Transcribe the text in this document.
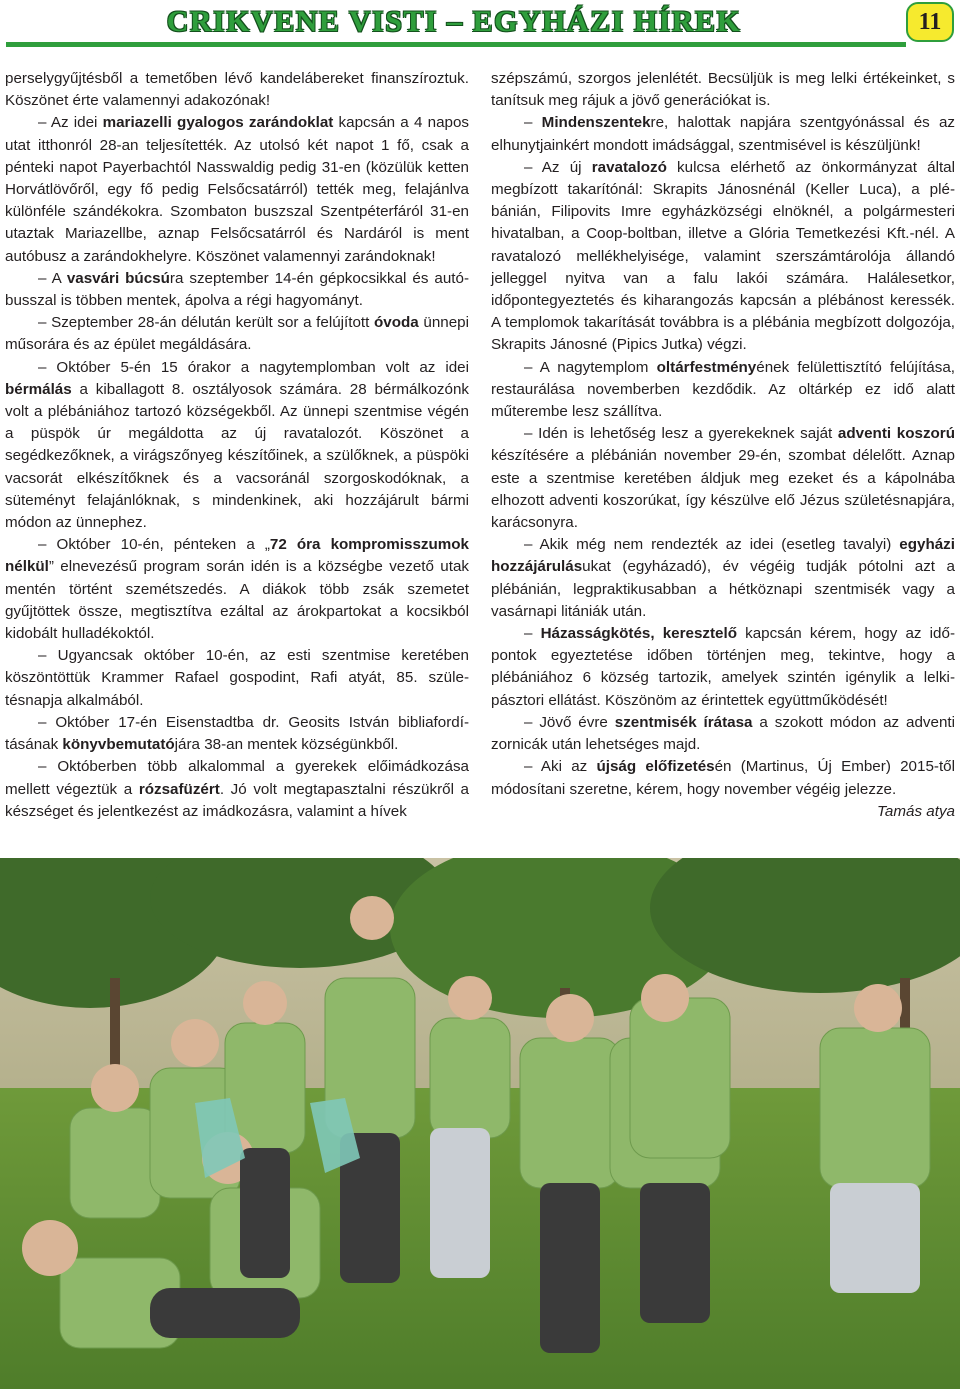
CRIKVENE VISTI – EGYHÁZI HÍREK	11

perselygyűjtésből a temetőben lévő kandelábereket finanszíroztuk. Köszönet érte valamennyi adakozónak!

– Az idei mariazelli gyalogos zarándoklat kapcsán a 4 napos utat itthonról 28-an teljesítették. Az utolsó két napot 1 fő, csak a pénteki napot Payerbachtól Nasswaldig pedig 31-en (közülük ketten Horvátlövőről, egy fő pedig Felsőcsatárról) tették meg, felajánlva különféle szándékokra. Szombaton buszszal Szentpéterfáról 31-en utaztak Mariazellbe, aznap Felsőcsatárról és Nardáról is ment autóbusz a zarándokhelyre. Köszönet valamennyi zarándoknak!

– A vasvári búcsúra szeptember 14-én gépkocsikkal és autóbusszal is többen mentek, ápolva a régi hagyományt.

– Szeptember 28-án délután került sor a felújított óvoda ünnepi műsorára és az épület megáldására.

– Október 5-én 15 órakor a nagytemplomban volt az idei bérmálás a kiballagott 8. osztályosok számára. 28 bérmálkozónk volt a plébániához tartozó községekből. Az ünnepi szentmise végén a püspök úr megáldotta az új ravatalozót. Köszönet a segédkezőknek, a virágszőnyeg készítőinek, a szülőknek, a püspöki vacsorát elkészítőknek és a vacsoránál szorgoskodóknak, a süteményt felajánlóknak, s mindenkinek, aki hozzájárult bármi módon az ünnephez.

– Október 10-én, pénteken a „72 óra kompromisszumok nélkül” elnevezésű program során idén is a községbe vezető utak mentén történt szemétszedés. A diákok több zsák szemetet gyűjtöttek össze, megtisztítva ezáltal az árokpartokat a kocsikból kidobált hulladékoktól.

– Ugyancsak október 10-én, az esti szentmise keretében köszöntöttük Krammer Rafael gospodint, Rafi atyát, 85. születésnapja alkalmából.

– Október 17-én Eisenstadtba dr. Geosits István bibliafordításának könyvbemutatójára 38-an mentek községünkből.

– Októberben több alkalommal a gyerekek előimádkozása mellett végeztük a rózsafüzért. Jó volt megtapasztalni részükről a készséget és jelentkezést az imádkozásra, valamint a hívek

szépszámú, szorgos jelenlétét. Becsüljük is meg lelki értékeinket, s tanítsuk meg rájuk a jövő generációkat is.

– Mindenszentekre, halottak napjára szentgyónással és az elhunytjainkért mondott imádsággal, szentmisével is készüljünk!

– Az új ravatalozó kulcsa elérhető az önkormányzat által megbízott takarítónál: Skrapits Jánosnénál (Keller Luca), a plébánián, Filipovits Imre egyházközségi elnöknél, a polgármesteri hivatalban, a Coop-boltban, illetve a Glória Temetkezési Kft.-nél. A ravatalozó mellékhelyisége, valamint szerszámtárolója állandó jelleggel nyitva van a falu lakói számára. Halálesetkor, időpontegyeztetés és kiharangozás kapcsán a plébánost keressék. A templomok takarítását továbbra is a plébánia megbízott dolgozója, Skrapits Jánosné (Pipics Jutka) végzi.

– A nagytemplom oltárfestményének felülettisztító felújítása, restaurálása novemberben kezdődik. Az oltárkép ez idő alatt műterembe lesz szállítva.

– Idén is lehetőség lesz a gyerekeknek saját adventi koszorú készítésére a plébánián november 29-én, szombat délelőtt. Aznap este a szentmise keretében áldjuk meg ezeket és a kápolnába elhozott adventi koszorúkat, így készülve elő Jézus születésnapjára, karácsonyra.

– Akik még nem rendezték az idei (esetleg tavalyi) egyházi hozzájárulásukat (egyházadó), év végéig tudják pótolni azt a plébánián, legpraktikusabban a hétköznapi szentmisék vagy a vasárnapi litániák után.

– Házasságkötés, keresztelő kapcsán kérem, hogy az időpontok egyeztetése időben történjen meg, tekintve, hogy a plébániához 6 község tartozik, amelyek szintén igénylik a lelkipásztori ellátást. Köszönöm az érintettek együttműködését!

– Jövő évre szentmisék írátasa a szokott módon az adventi zornicák után lehetséges majd.

– Aki az újság előfizetésén (Martinus, Új Ember) 2015-től módosítani szeretne, kérem, hogy november végéig jelezze.

Tamás atya
